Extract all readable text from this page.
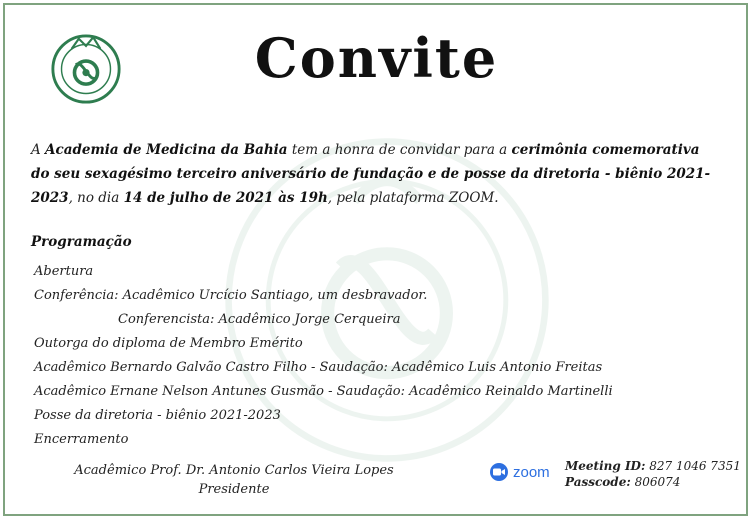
Convite
A Academia de Medicina da Bahia tem a honra de convidar para a cerimônia comemorativa do seu sexagésimo terceiro aniversário de fundação e de posse da diretoria - biênio 2021-2023, no dia 14 de julho de 2021 às 19h, pela plataforma ZOOM.
Programação
Abertura
Conferência: Acadêmico Urcício Santiago, um desbravador.
Conferencista: Acadêmico Jorge Cerqueira
Outorga do diploma de Membro Emérito
Acadêmico Bernardo Galvão Castro Filho - Saudação: Acadêmico Luis Antonio Freitas
Acadêmico Ernane Nelson Antunes Gusmão - Saudação: Acadêmico Reinaldo Martinelli
Posse da diretoria - biênio 2021-2023
Encerramento
Acadêmico Prof. Dr. Antonio Carlos Vieira Lopes
Presidente
zoom Meeting ID: 827 1046 7351
Passcode: 806074
